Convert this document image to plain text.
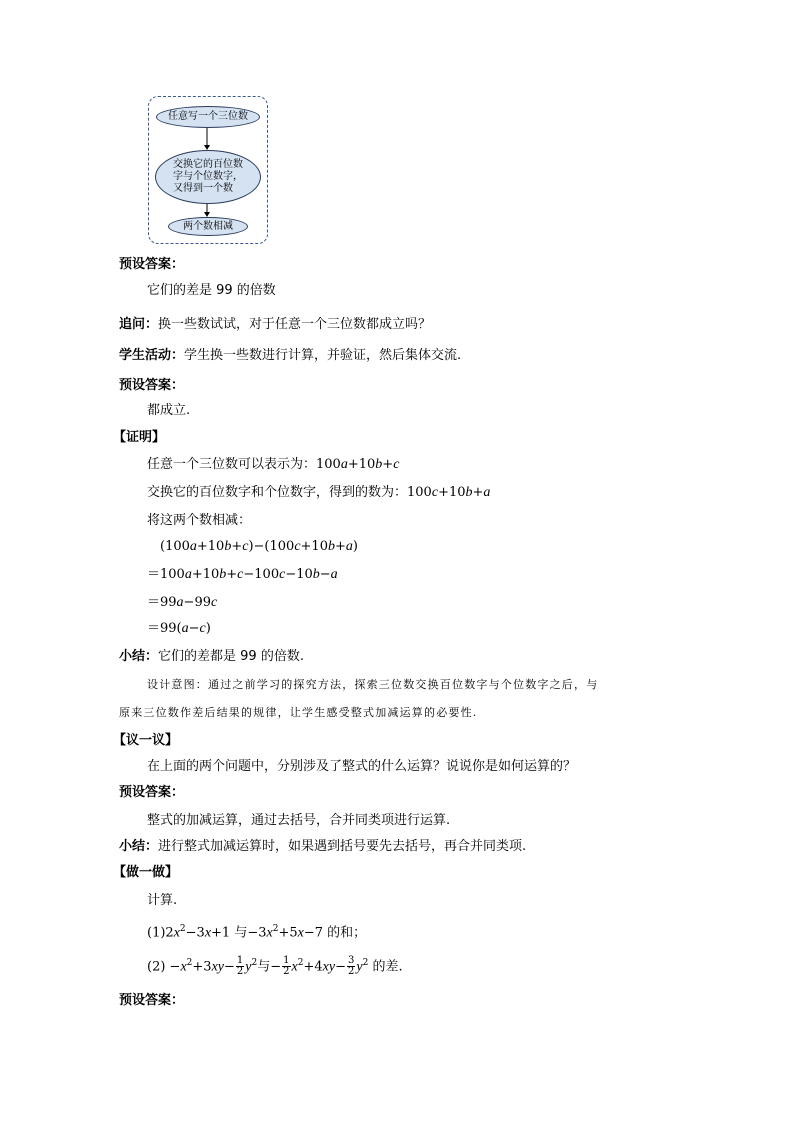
任意写一个三位数
交换它的百位数
字与个位数字，
又得到一个数
两个数相减
预设答案：
它们的差是 99 的倍数
追问：换一些数试试，对于任意一个三位数都成立吗？
学生活动：学生换一些数进行计算，并验证，然后集体交流.
预设答案：
都成立.
【证明】
任意一个三位数可以表示为：100a+10b+c
交换它的百位数字和个位数字，得到的数为：100c+10b+a
将这两个数相减：
(100a+10b+c)−(100c+10b+a)
＝100a+10b+c−100c−10b−a
＝99a−99c
＝99(a−c)
小结：它们的差都是 99 的倍数.
设计意图：通过之前学习的探究方法，探索三位数交换百位数字与个位数字之后，与
原来三位数作差后结果的规律，让学生感受整式加减运算的必要性.
【议一议】
在上面的两个问题中，分别涉及了整式的什么运算？说说你是如何运算的？
预设答案：
整式的加减运算，通过去括号，合并同类项进行运算.
小结：进行整式加减运算时，如果遇到括号要先去括号，再合并同类项.
【做一做】
计算.
$(1)2x^2-3x+1$ 与$-3x^2+5x-7$ 的和；
$(2) -x^2+3xy- \frac{1}{2} y^2$与− $\frac{1}{2} x^2+4xy- \frac{3}{2} y^2$ 的差.
预设答案：
